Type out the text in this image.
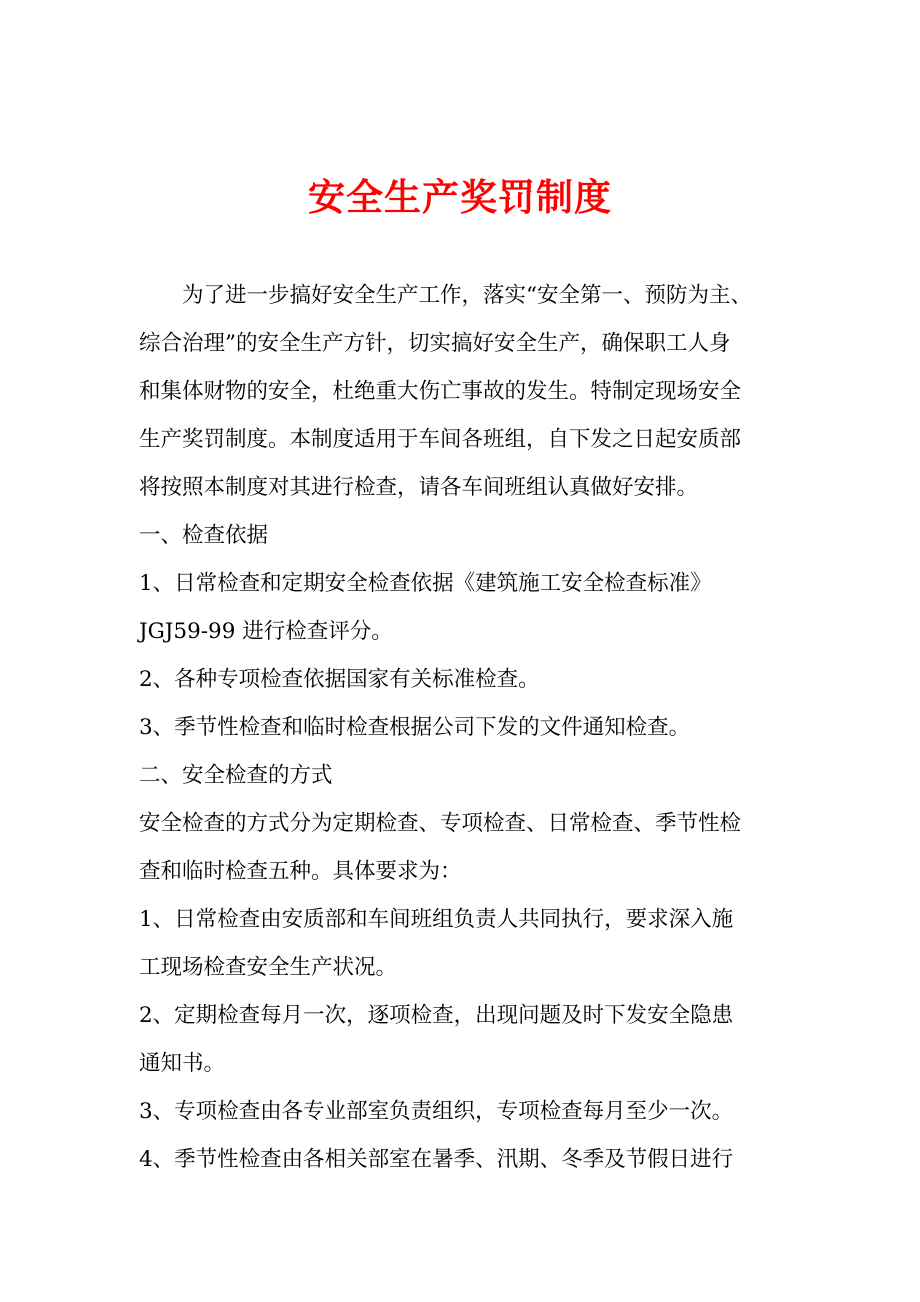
安全生产奖罚制度
为了进一步搞好安全生产工作，落实“安全第一、预防为主、
综合治理”的安全生产方针，切实搞好安全生产，确保职工人身
和集体财物的安全，杜绝重大伤亡事故的发生。特制定现场安全
生产奖罚制度。本制度适用于车间各班组，自下发之日起安质部
将按照本制度对其进行检查，请各车间班组认真做好安排。
一、检查依据
1、日常检查和定期安全检查依据《建筑施工安全检查标准》
JGJ59-99 进行检查评分。
2、各种专项检查依据国家有关标准检查。
3、季节性检查和临时检查根据公司下发的文件通知检查。
二、安全检查的方式
安全检查的方式分为定期检查、专项检查、日常检查、季节性检
查和临时检查五种。具体要求为：
1、日常检查由安质部和车间班组负责人共同执行，要求深入施
工现场检查安全生产状况。
2、定期检查每月一次，逐项检查，出现问题及时下发安全隐患
通知书。
3、专项检查由各专业部室负责组织，专项检查每月至少一次。
4、季节性检查由各相关部室在暑季、汛期、冬季及节假日进行
